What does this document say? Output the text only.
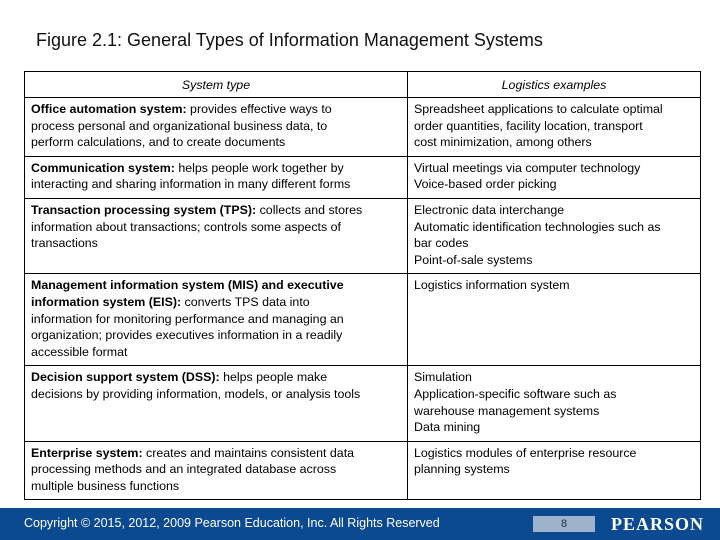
Figure 2.1: General Types of Information Management Systems
System type	Logistics examples

Office automation system: provides effective ways to
process personal and organizational business data, to
perform calculations, and to create documents	Spreadsheet applications to calculate optimal
order quantities, facility location, transport
cost minimization, among others

Communication system: helps people work together by
interacting and sharing information in many different forms	Virtual meetings via computer technology
Voice-based order picking

Transaction processing system (TPS): collects and stores
information about transactions; controls some aspects of
transactions	Electronic data interchange
Automatic identification technologies such as
bar codes
Point-of-sale systems

Management information system (MIS) and executive
information system (EIS): converts TPS data into
information for monitoring performance and managing an
organization; provides executives information in a readily
accessible format	Logistics information system

Decision support system (DSS): helps people make
decisions by providing information, models, or analysis tools	Simulation
Application-specific software such as
warehouse management systems
Data mining

Enterprise system: creates and maintains consistent data
processing methods and an integrated database across
multiple business functions	Logistics modules of enterprise resource
planning systems
Copyright © 2015, 2012, 2009 Pearson Education, Inc. All Rights Reserved	8	PEARSON
